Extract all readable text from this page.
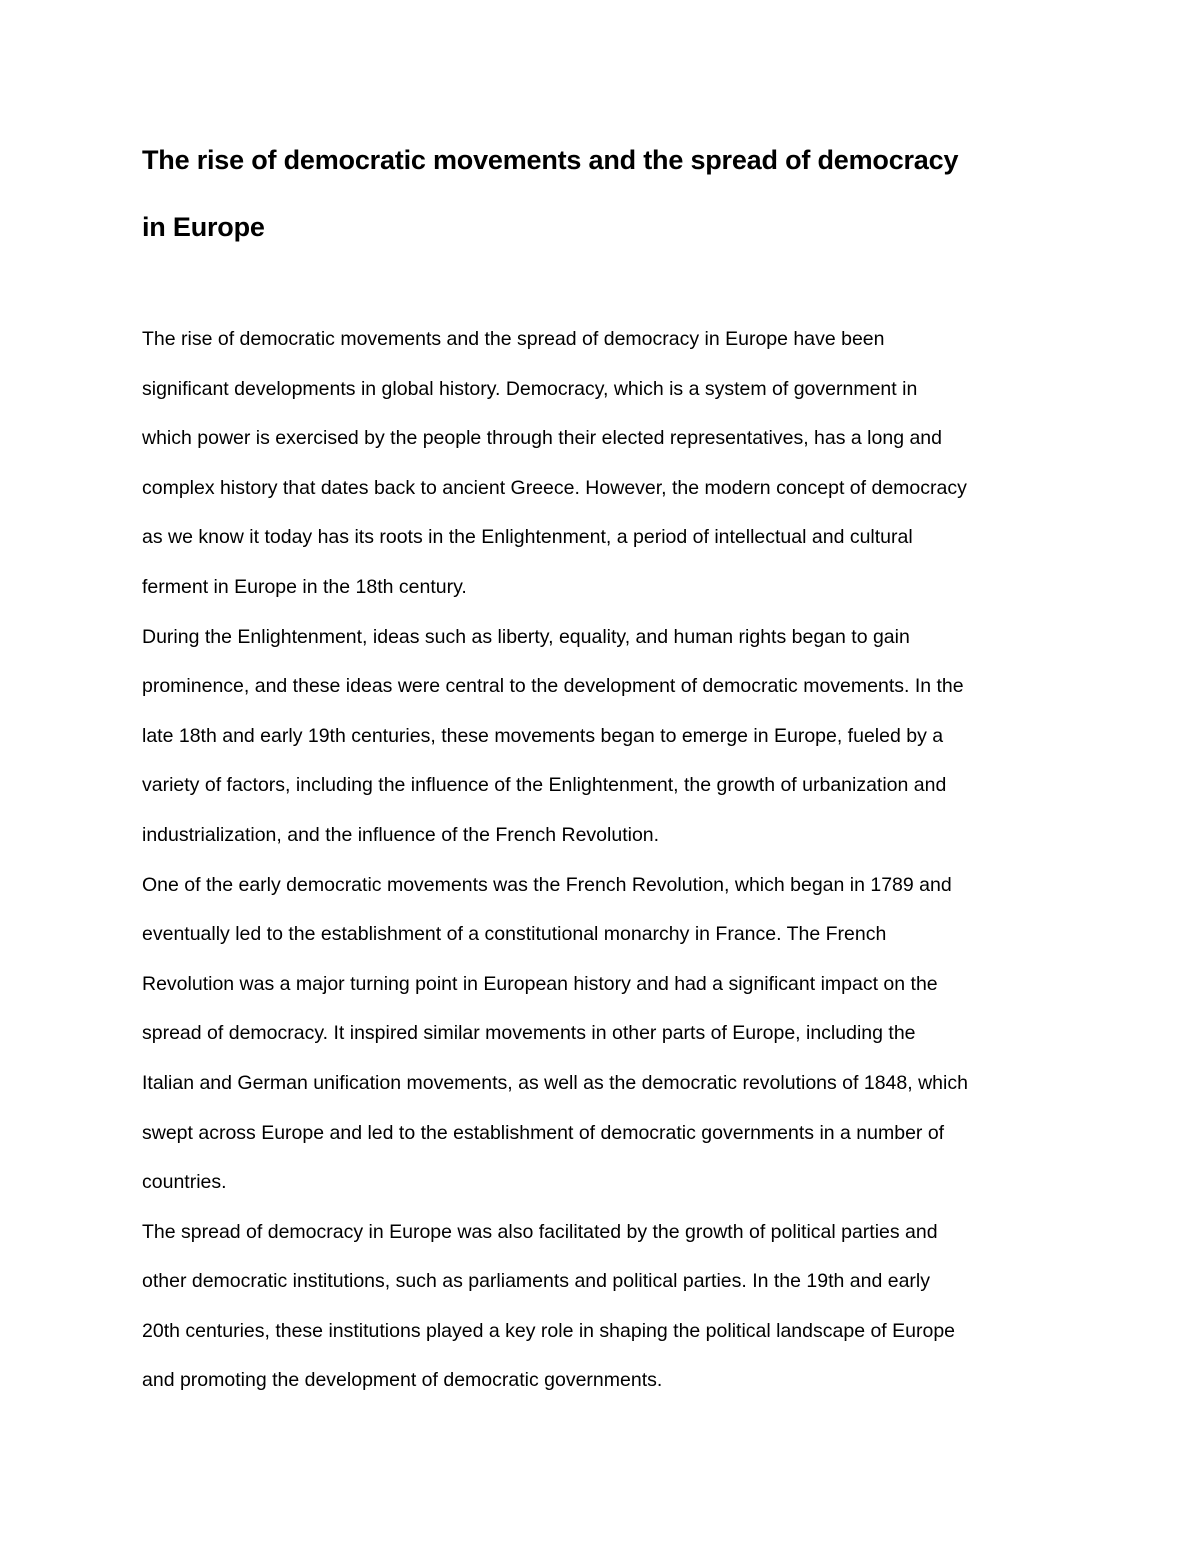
The rise of democratic movements and the spread of democracy
in Europe
The rise of democratic movements and the spread of democracy in Europe have been
significant developments in global history. Democracy, which is a system of government in
which power is exercised by the people through their elected representatives, has a long and
complex history that dates back to ancient Greece. However, the modern concept of democracy
as we know it today has its roots in the Enlightenment, a period of intellectual and cultural
ferment in Europe in the 18th century.
During the Enlightenment, ideas such as liberty, equality, and human rights began to gain
prominence, and these ideas were central to the development of democratic movements. In the
late 18th and early 19th centuries, these movements began to emerge in Europe, fueled by a
variety of factors, including the influence of the Enlightenment, the growth of urbanization and
industrialization, and the influence of the French Revolution.
One of the early democratic movements was the French Revolution, which began in 1789 and
eventually led to the establishment of a constitutional monarchy in France. The French
Revolution was a major turning point in European history and had a significant impact on the
spread of democracy. It inspired similar movements in other parts of Europe, including the
Italian and German unification movements, as well as the democratic revolutions of 1848, which
swept across Europe and led to the establishment of democratic governments in a number of
countries.
The spread of democracy in Europe was also facilitated by the growth of political parties and
other democratic institutions, such as parliaments and political parties. In the 19th and early
20th centuries, these institutions played a key role in shaping the political landscape of Europe
and promoting the development of democratic governments.
